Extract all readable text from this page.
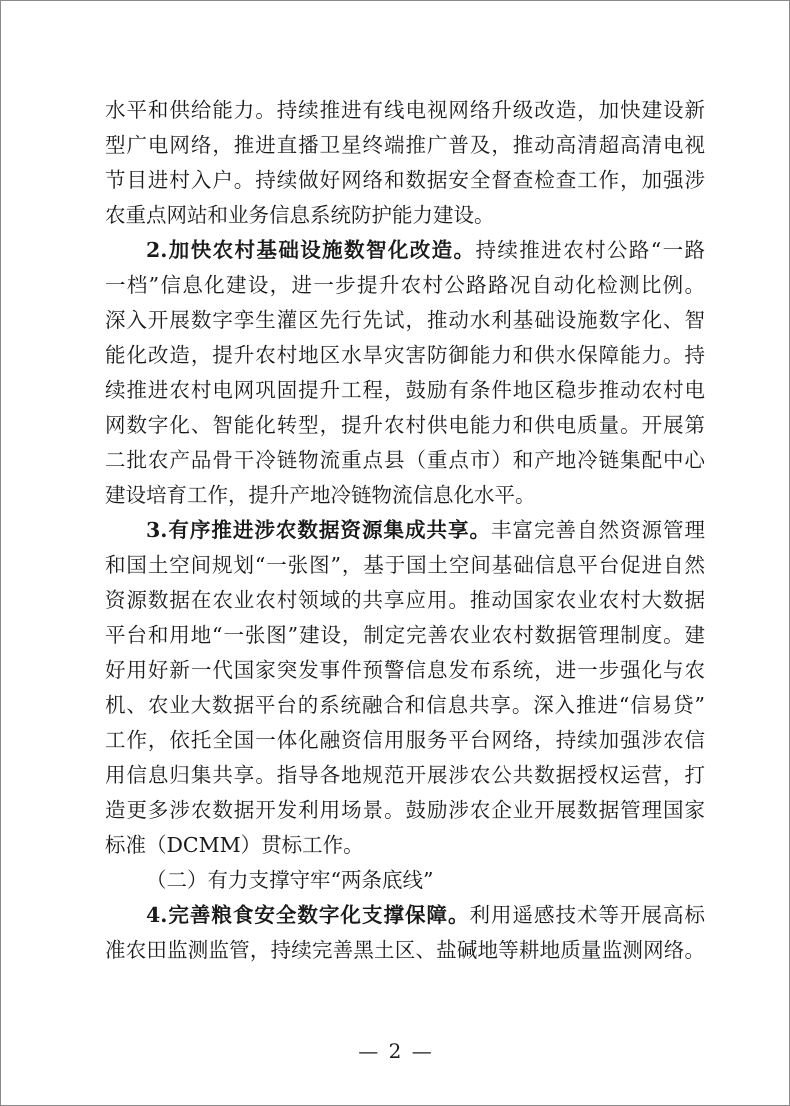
水平和供给能力。持续推进有线电视网络升级改造，加快建设新
型广电网络，推进直播卫星终端推广普及，推动高清超高清电视
节目进村入户。持续做好网络和数据安全督查检查工作，加强涉
农重点网站和业务信息系统防护能力建设。
2.加快农村基础设施数智化改造。持续推进农村公路“一路
一档”信息化建设，进一步提升农村公路路况自动化检测比例。
深入开展数字孪生灌区先行先试，推动水利基础设施数字化、智
能化改造，提升农村地区水旱灾害防御能力和供水保障能力。持
续推进农村电网巩固提升工程，鼓励有条件地区稳步推动农村电
网数字化、智能化转型，提升农村供电能力和供电质量。开展第
二批农产品骨干冷链物流重点县（重点市）和产地冷链集配中心
建设培育工作，提升产地冷链物流信息化水平。
3.有序推进涉农数据资源集成共享。丰富完善自然资源管理
和国土空间规划“一张图”，基于国土空间基础信息平台促进自然
资源数据在农业农村领域的共享应用。推动国家农业农村大数据
平台和用地“一张图”建设，制定完善农业农村数据管理制度。建
好用好新一代国家突发事件预警信息发布系统，进一步强化与农
机、农业大数据平台的系统融合和信息共享。深入推进“信易贷”
工作，依托全国一体化融资信用服务平台网络，持续加强涉农信
用信息归集共享。指导各地规范开展涉农公共数据授权运营，打
造更多涉农数据开发利用场景。鼓励涉农企业开展数据管理国家
标准（DCMM）贯标工作。
（二）有力支撑守牢“两条底线”
4.完善粮食安全数字化支撑保障。利用遥感技术等开展高标
准农田监测监管，持续完善黑土区、盐碱地等耕地质量监测网络。
— 2 —
